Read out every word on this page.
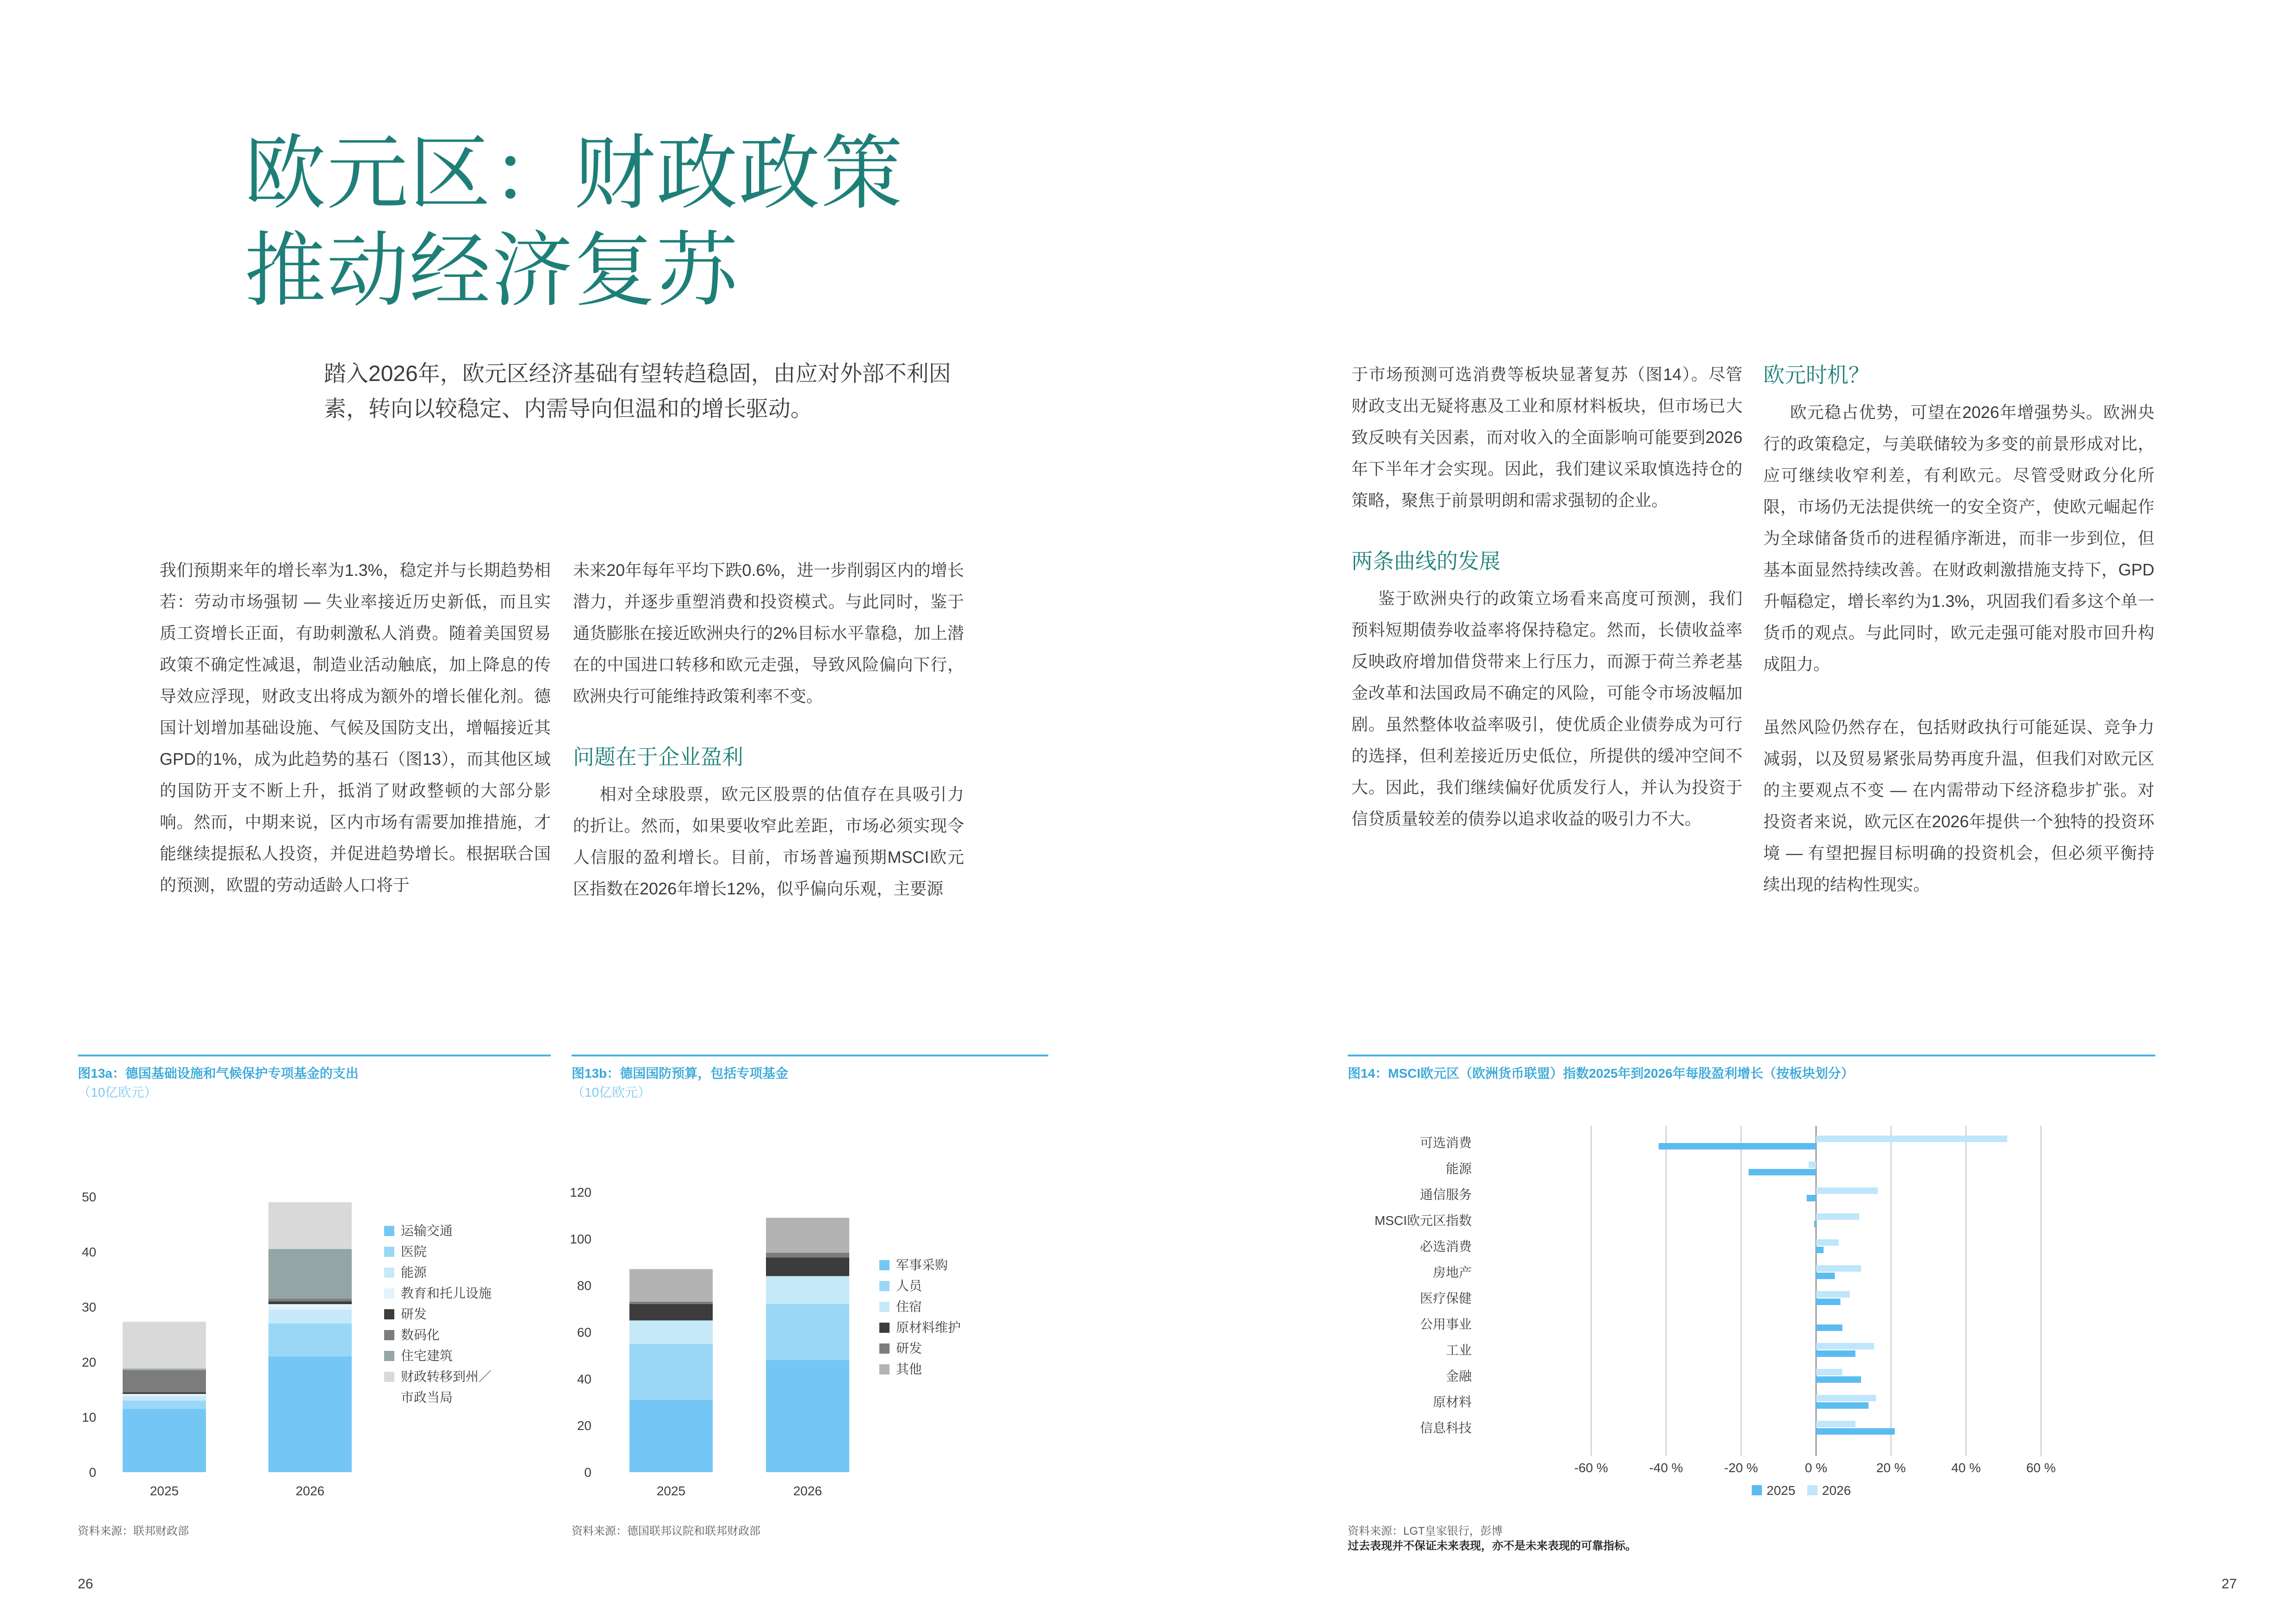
欧元区：财政政策
推动经济复苏
踏入2026年，欧元区经济基础有望转趋稳固，由应对外部不利因素，转向以较稳定、内需导向但温和的增长驱动。

我们预期来年的增长率为1.3%，稳定并与长期趋势相若：劳动市场强韧 — 失业率接近历史新低，而且实质工资增长正面，有助刺激私人消费。随着美国贸易政策不确定性减退，制造业活动触底，加上降息的传导效应浮现，财政支出将成为额外的增长催化剂。德国计划增加基础设施、气候及国防支出，增幅接近其GPD的1%，成为此趋势的基石（图13），而其他区域的国防开支不断上升，抵消了财政整顿的大部分影响。然而，中期来说，区内市场有需要加推措施，才能继续提振私人投资，并促进趋势增长。根据联合国的预测，欧盟的劳动适龄人口将于

未来20年每年平均下跌0.6%，进一步削弱区内的增长潜力，并逐步重塑消费和投资模式。与此同时，鉴于通货膨胀在接近欧洲央行的2%目标水平靠稳，加上潜在的中国进口转移和欧元走强，导致风险偏向下行，欧洲央行可能维持政策利率不变。

问题在于企业盈利

相对全球股票，欧元区股票的估值存在具吸引力的折让。然而，如果要收窄此差距，市场必须实现令人信服的盈利增长。目前，市场普遍预期MSCI欧元区指数在2026年增长12%，似乎偏向乐观，主要源

于市场预测可选消费等板块显著复苏（图14）。尽管财政支出无疑将惠及工业和原材料板块，但市场已大致反映有关因素，而对收入的全面影响可能要到2026年下半年才会实现。因此，我们建议采取慎选持仓的策略，聚焦于前景明朗和需求强韧的企业。

两条曲线的发展

鉴于欧洲央行的政策立场看来高度可预测，我们预料短期债券收益率将保持稳定。然而，长债收益率反映政府增加借贷带来上行压力，而源于荷兰养老基金改革和法国政局不确定的风险，可能令市场波幅加剧。虽然整体收益率吸引，使优质企业债券成为可行的选择，但利差接近历史低位，所提供的缓冲空间不大。因此，我们继续偏好优质发行人，并认为投资于信贷质量较差的债券以追求收益的吸引力不大。

欧元时机？

欧元稳占优势，可望在2026年增强势头。欧洲央行的政策稳定，与美联储较为多变的前景形成对比，应可继续收窄利差，有利欧元。尽管受财政分化所限，市场仍无法提供统一的安全资产，使欧元崛起作为全球储备货币的进程循序渐进，而非一步到位，但基本面显然持续改善。在财政刺激措施支持下，GPD升幅稳定，增长率约为1.3%，巩固我们看多这个单一货币的观点。与此同时，欧元走强可能对股市回升构成阻力。

虽然风险仍然存在，包括财政执行可能延误、竞争力减弱，以及贸易紧张局势再度升温，但我们对欧元区的主要观点不变 — 在内需带动下经济稳步扩张。对投资者来说，欧元区在2026年提供一个独特的投资环境 — 有望把握目标明确的投资机会，但必须平衡持续出现的结构性现实。

图13a：德国基础设施和气候保护专项基金的支出
（10亿欧元）
图13b：德国国防预算，包括专项基金
（10亿欧元）
图14：MSCI欧元区（欧洲货币联盟）指数2025年到2026年每股盈利增长（按板块划分）
0
10
20
30
40
50
2025	2026
运输交通
医院
能源
教育和托儿设施
研发
数码化
住宅建筑
财政转移到州／
市政当局
0
20
40
60
80
100
120
2025	2026
军事采购
人员
住宿
原材料维护
研发
其他
-60 %	-40 %	-20 %	0 %	20 %	40 %	60 %
可选消费
能源
通信服务
MSCI欧元区指数
必选消费
房地产
医疗保健
公用事业
工业
金融
原材料
信息科技
2025 2026
资料来源：联邦财政部	资料来源：德国联邦议院和联邦财政部	资料来源：LGT皇家银行，彭博
过去表现并不保证未来表现，亦不是未来表现的可靠指标。
26	27
